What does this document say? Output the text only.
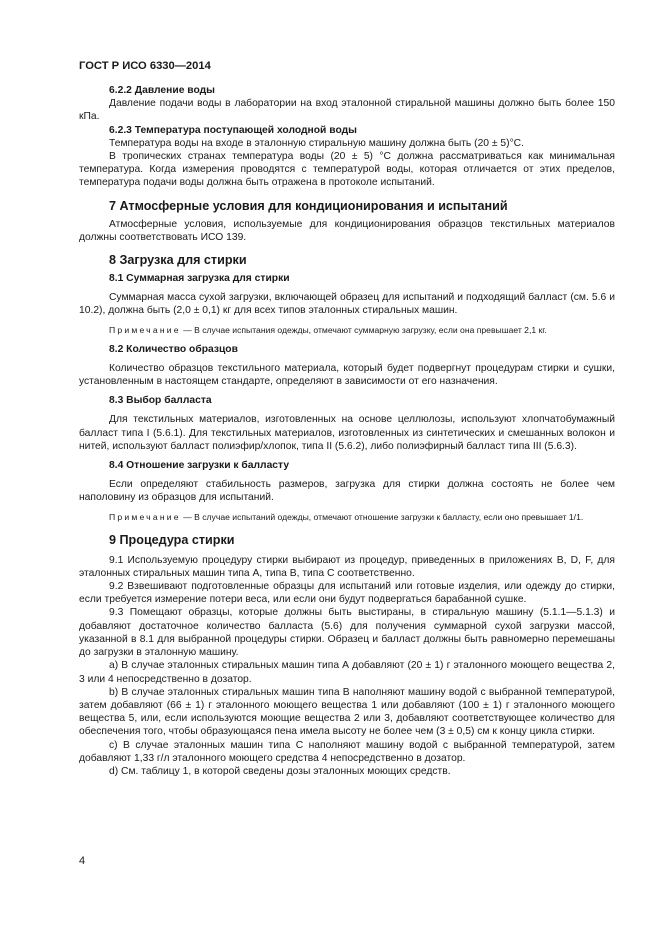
ГОСТ Р ИСО 6330—2014
6.2.2 Давление воды

Давление подачи воды в лаборатории на вход эталонной стиральной машины должно быть более 150 кПа.

6.2.3 Температура поступающей холодной воды

Температура воды на входе в эталонную стиральную машину должна быть (20 ± 5)°С.

В тропических странах температура воды (20 ± 5) °С должна рассматриваться как минимальная температура. Когда измерения проводятся с температурой воды, которая отличается от этих пределов, температура подачи воды должна быть отражена в протоколе испытаний.

7 Атмосферные условия для кондиционирования и испытаний

Атмосферные условия, используемые для кондиционирования образцов текстильных материалов должны соответствовать ИСО 139.

8 Загрузка для стирки
8.1 Суммарная загрузка для стирки

Суммарная масса сухой загрузки, включающей образец для испытаний и подходящий балласт (см. 5.6 и 10.2), должна быть (2,0 ± 0,1) кг для всех типов эталонных стиральных машин.

Примечание — В случае испытания одежды, отмечают суммарную загрузку, если она превышает 2,1 кг.

8.2 Количество образцов

Количество образцов текстильного материала, который будет подвергнут процедурам стирки и сушки, установленным в настоящем стандарте, определяют в зависимости от его назначения.

8.3 Выбор балласта

Для текстильных материалов, изготовленных на основе целлюлозы, используют хлопчатобумажный балласт типа I (5.6.1). Для текстильных материалов, изготовленных из синтетических и смешанных волокон и нитей, используют балласт полиэфир/хлопок, типа II (5.6.2), либо полиэфирный балласт типа III (5.6.3).

8.4 Отношение загрузки к балласту

Если определяют стабильность размеров, загрузка для стирки должна состоять не более чем наполовину из образцов для испытаний.

Примечание — В случае испытаний одежды, отмечают отношение загрузки к балласту, если оно превышает 1/1.

9 Процедура стирки

9.1 Используемую процедуру стирки выбирают из процедур, приведенных в приложениях В, D, F, для эталонных стиральных машин типа А, типа В, типа С соответственно.

9.2 Взвешивают подготовленные образцы для испытаний или готовые изделия, или одежду до стирки, если требуется измерение потери веса, или если они будут подвергаться барабанной сушке.

9.3 Помещают образцы, которые должны быть выстираны, в стиральную машину (5.1.1—5.1.3) и добавляют достаточное количество балласта (5.6) для получения суммарной сухой загрузки массой, указанной в 8.1 для выбранной процедуры стирки. Образец и балласт должны быть равномерно перемешаны до загрузки в эталонную машину.

а) В случае эталонных стиральных машин типа А добавляют (20 ± 1) г эталонного моющего вещества 2, 3 или 4 непосредственно в дозатор.

b) В случае эталонных стиральных машин типа В наполняют машину водой с выбранной температурой, затем добавляют (66 ± 1) г эталонного моющего вещества 1 или добавляют (100 ± 1) г эталонного моющего вещества 5, или, если используются моющие вещества 2 или 3, добавляют соответствующее количество для обеспечения того, чтобы образующаяся пена имела высоту не более чем (3 ± 0,5) см к концу цикла стирки.

с) В случае эталонных машин типа С наполняют машину водой с выбранной температурой, затем добавляют 1,33 г/л эталонного моющего средства 4 непосредственно в дозатор.

d) См. таблицу 1, в которой сведены дозы эталонных моющих средств.

4
